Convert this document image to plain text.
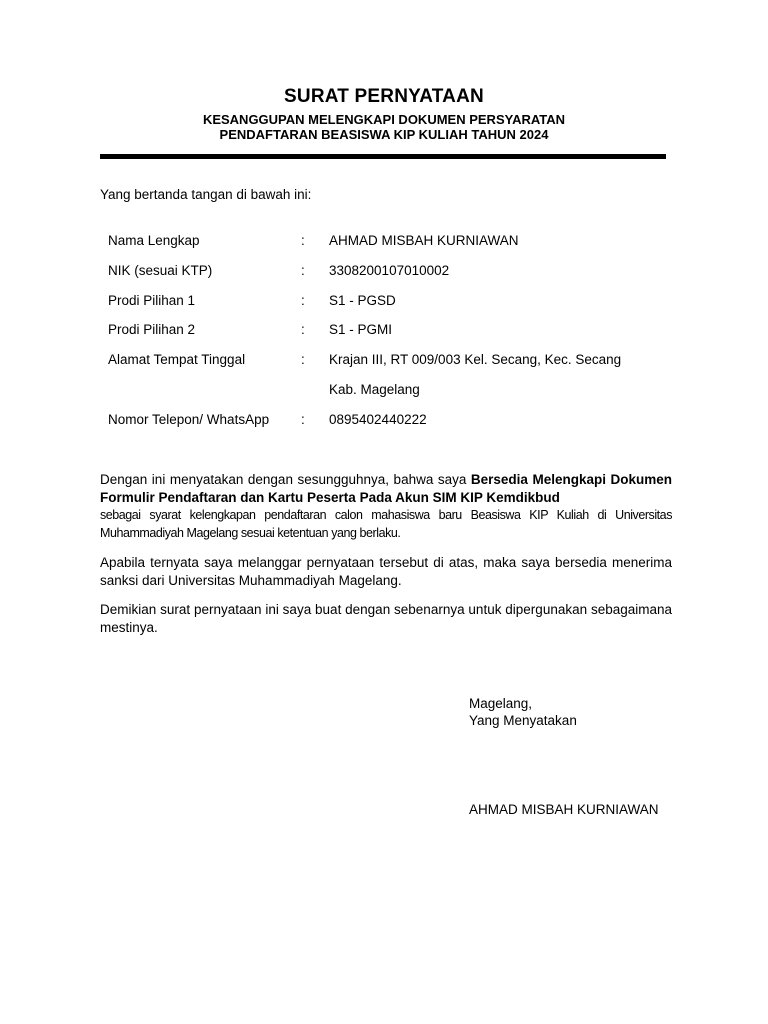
SURAT PERNYATAAN
KESANGGUPAN MELENGKAPI DOKUMEN PERSYARATAN
PENDAFTARAN BEASISWA KIP KULIAH TAHUN 2024
Yang bertanda tangan di bawah ini:
Nama Lengkap	: AHMAD MISBAH KURNIAWAN
NIK (sesuai KTP)	: 3308200107010002
Prodi Pilihan 1	: S1 - PGSD
Prodi Pilihan 2	: S1 - PGMI
Alamat Tempat Tinggal	: Krajan III, RT 009/003 Kel. Secang, Kec. Secang
Kab. Magelang
Nomor Telepon/ WhatsApp : 0895402440222
Dengan ini menyatakan dengan sesungguhnya, bahwa saya Bersedia Melengkapi Dokumen Formulir Pendaftaran dan Kartu Peserta Pada Akun SIM KIP Kemdikbud
sebagai syarat kelengkapan pendaftaran calon mahasiswa baru Beasiswa KIP Kuliah di Universitas Muhammadiyah Magelang sesuai ketentuan yang berlaku.
Apabila ternyata saya melanggar pernyataan tersebut di atas, maka saya bersedia menerima sanksi dari Universitas Muhammadiyah Magelang.
Demikian surat pernyataan ini saya buat dengan sebenarnya untuk dipergunakan sebagaimana mestinya.
Magelang,
Yang Menyatakan
AHMAD MISBAH KURNIAWAN
